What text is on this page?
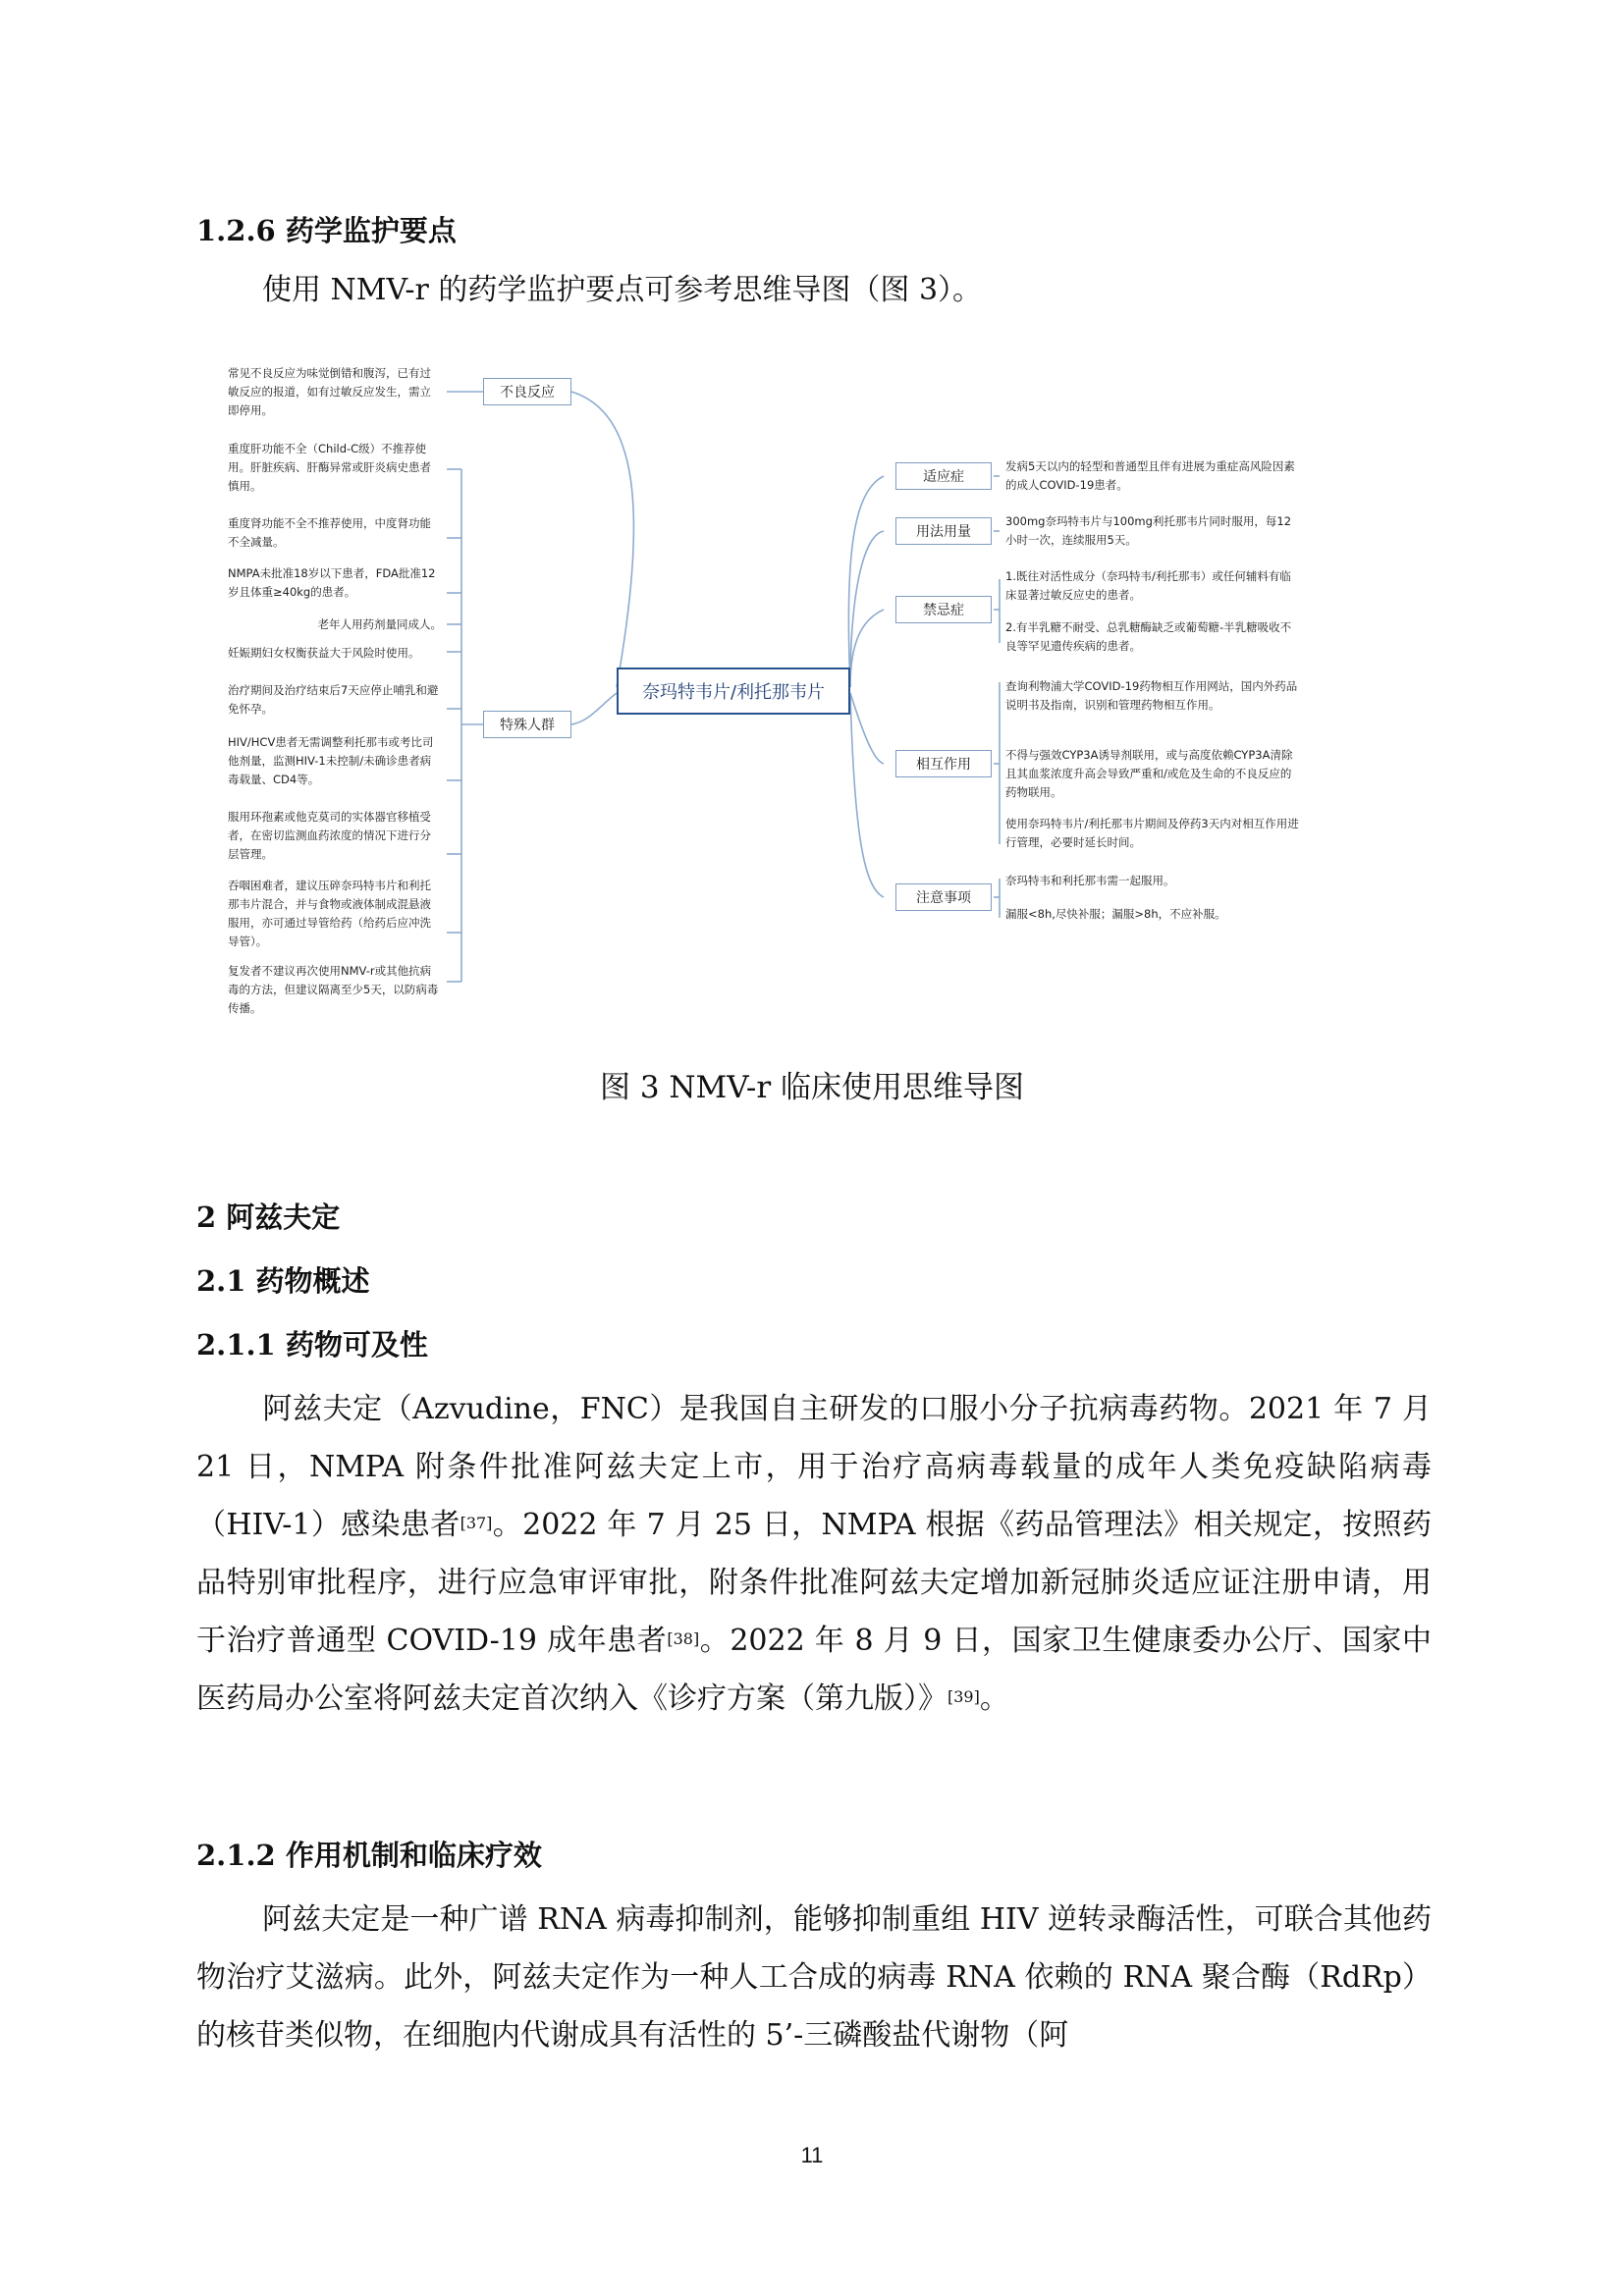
1.2.6 药学监护要点
使用 NMV-r 的药学监护要点可参考思维导图（图 3）。
奈玛特韦片/利托那韦片
不良反应
特殊人群
适应症
用法用量
禁忌症
相互作用
注意事项
常见不良反应为味觉倒错和腹泻，已有过敏反应的报道，如有过敏反应发生，需立即停用。
重度肝功能不全（Child-C级）不推荐使用。肝脏疾病、肝酶异常或肝炎病史患者慎用。
重度肾功能不全不推荐使用，中度肾功能不全减量。
NMPA未批准18岁以下患者，FDA批准12岁且体重≥40kg的患者。
老年人用药剂量同成人。
妊娠期妇女权衡获益大于风险时使用。
治疗期间及治疗结束后7天应停止哺乳和避免怀孕。
HIV/HCV患者无需调整利托那韦或考比司他剂量，监测HIV-1未控制/未确诊患者病毒载量、CD4等。
服用环孢素或他克莫司的实体器官移植受者，在密切监测血药浓度的情况下进行分层管理。
吞咽困难者，建议压碎奈玛特韦片和利托那韦片混合，并与食物或液体制成混悬液服用，亦可通过导管给药（给药后应冲洗导管）。
复发者不建议再次使用NMV-r或其他抗病毒的方法，但建议隔离至少5天，以防病毒传播。
发病5天以内的轻型和普通型且伴有进展为重症高风险因素的成人COVID-19患者。
300mg奈玛特韦片与100mg利托那韦片同时服用，每12小时一次，连续服用5天。
1.既往对活性成分（奈玛特韦/利托那韦）或任何辅料有临床显著过敏反应史的患者。
2.有半乳糖不耐受、总乳糖酶缺乏或葡萄糖-半乳糖吸收不良等罕见遗传疾病的患者。
查询利物浦大学COVID-19药物相互作用网站，国内外药品说明书及指南，识别和管理药物相互作用。
不得与强效CYP3A诱导剂联用，或与高度依赖CYP3A清除且其血浆浓度升高会导致严重和/或危及生命的不良反应的药物联用。
使用奈玛特韦片/利托那韦片期间及停药3天内对相互作用进行管理，必要时延长时间。
奈玛特韦和利托那韦需一起服用。
漏服<8h,尽快补服；漏服>8h，不应补服。
图 3 NMV-r 临床使用思维导图
2 阿兹夫定
2.1 药物概述
2.1.1 药物可及性
阿兹夫定（Azvudine，FNC）是我国自主研发的口服小分子抗病毒药物。2021 年 7 月 21 日，NMPA 附条件批准阿兹夫定上市，用于治疗高病毒载量的成年人类免疫缺陷病毒（HIV-1）感染患者[37]。2022 年 7 月 25 日，NMPA 根据《药品管理法》相关规定，按照药品特别审批程序，进行应急审评审批，附条件批准阿兹夫定增加新冠肺炎适应证注册申请，用于治疗普通型 COVID-19 成年患者[38]。2022 年 8 月 9 日，国家卫生健康委办公厅、国家中医药局办公室将阿兹夫定首次纳入《诊疗方案（第九版）》[39]。
2.1.2 作用机制和临床疗效
阿兹夫定是一种广谱 RNA 病毒抑制剂，能够抑制重组 HIV 逆转录酶活性，可联合其他药物治疗艾滋病。此外，阿兹夫定作为一种人工合成的病毒 RNA 依赖的 RNA 聚合酶（RdRp）的核苷类似物，在细胞内代谢成具有活性的 5’-三磷酸盐代谢物（阿
11
